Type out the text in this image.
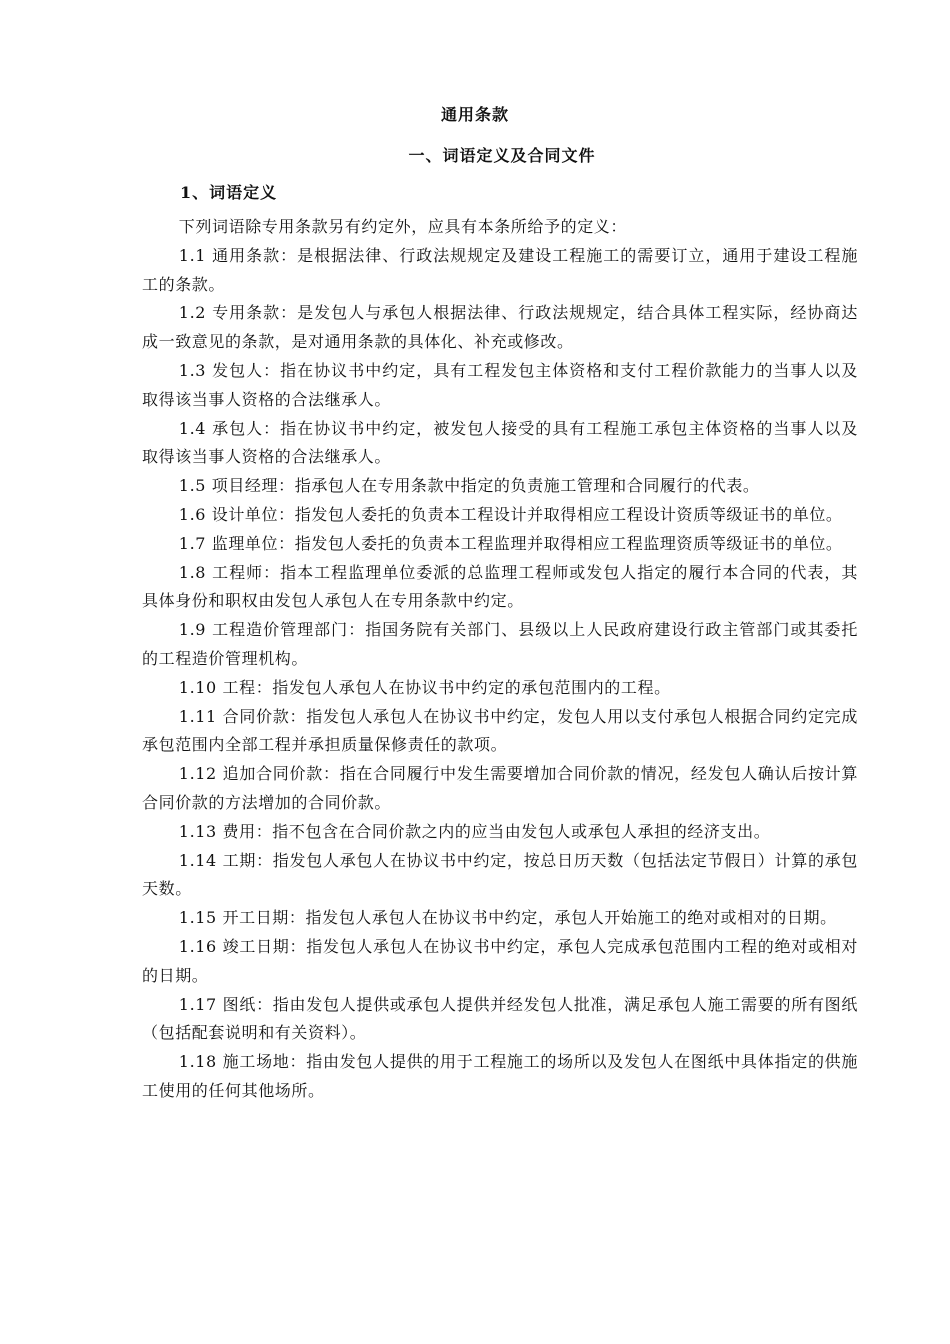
通用条款
一、词语定义及合同文件
1、词语定义

下列词语除专用条款另有约定外，应具有本条所给予的定义：

1.1 通用条款：是根据法律、行政法规规定及建设工程施工的需要订立，通用于建设工程施工的条款。

1.2 专用条款：是发包人与承包人根据法律、行政法规规定，结合具体工程实际，经协商达成一致意见的条款，是对通用条款的具体化、补充或修改。

1.3 发包人：指在协议书中约定，具有工程发包主体资格和支付工程价款能力的当事人以及取得该当事人资格的合法继承人。

1.4 承包人：指在协议书中约定，被发包人接受的具有工程施工承包主体资格的当事人以及取得该当事人资格的合法继承人。

1.5 项目经理：指承包人在专用条款中指定的负责施工管理和合同履行的代表。

1.6 设计单位：指发包人委托的负责本工程设计并取得相应工程设计资质等级证书的单位。

1.7 监理单位：指发包人委托的负责本工程监理并取得相应工程监理资质等级证书的单位。

1.8 工程师：指本工程监理单位委派的总监理工程师或发包人指定的履行本合同的代表，其具体身份和职权由发包人承包人在专用条款中约定。

1.9 工程造价管理部门：指国务院有关部门、县级以上人民政府建设行政主管部门或其委托的工程造价管理机构。

1.10 工程：指发包人承包人在协议书中约定的承包范围内的工程。

1.11 合同价款：指发包人承包人在协议书中约定，发包人用以支付承包人根据合同约定完成承包范围内全部工程并承担质量保修责任的款项。

1.12 追加合同价款：指在合同履行中发生需要增加合同价款的情况，经发包人确认后按计算合同价款的方法增加的合同价款。

1.13 费用：指不包含在合同价款之内的应当由发包人或承包人承担的经济支出。

1.14 工期：指发包人承包人在协议书中约定，按总日历天数（包括法定节假日）计算的承包天数。

1.15 开工日期：指发包人承包人在协议书中约定，承包人开始施工的绝对或相对的日期。

1.16 竣工日期：指发包人承包人在协议书中约定，承包人完成承包范围内工程的绝对或相对的日期。

1.17 图纸：指由发包人提供或承包人提供并经发包人批准，满足承包人施工需要的所有图纸（包括配套说明和有关资料）。

1.18 施工场地：指由发包人提供的用于工程施工的场所以及发包人在图纸中具体指定的供施工使用的任何其他场所。
